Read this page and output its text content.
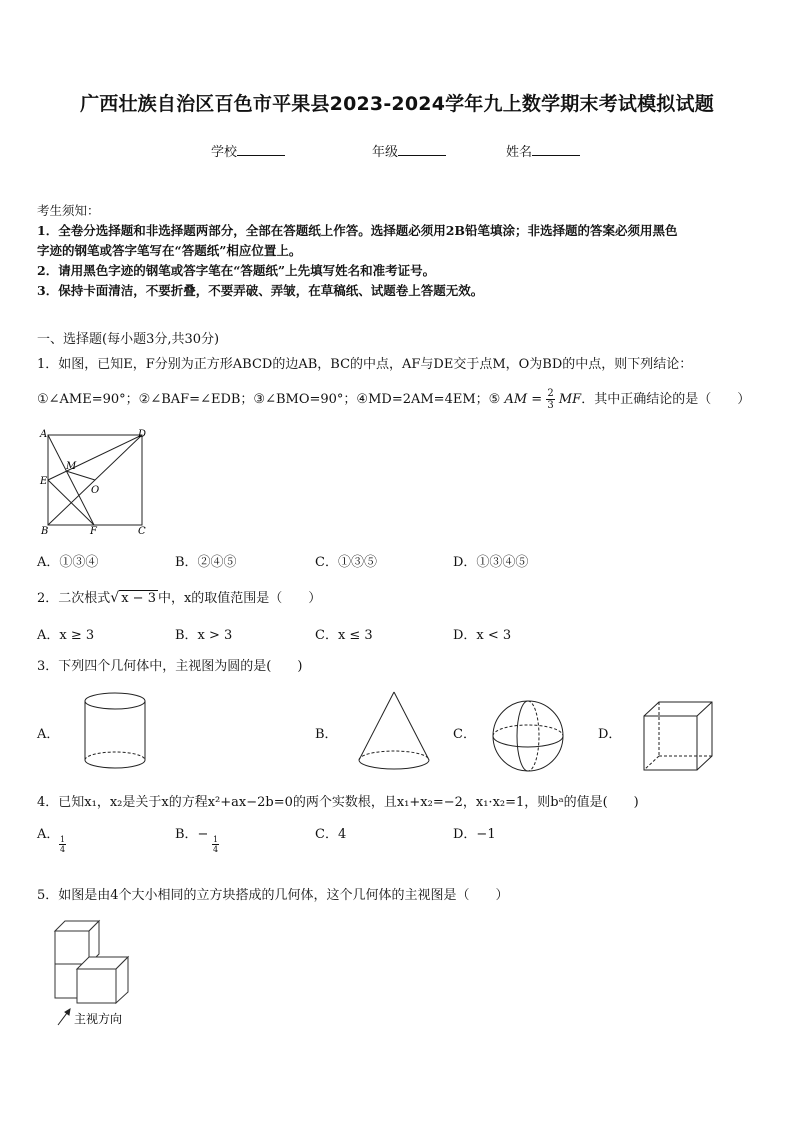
广西壮族自治区百色市平果县2023-2024学年九上数学期末考试模拟试题
学校	年级	姓名
考生须知：
1．全卷分选择题和非选择题两部分，全部在答题纸上作答。选择题必须用2B铅笔填涂；非选择题的答案必须用黑色
字迹的钢笔或答字笔写在“答题纸”相应位置上。
2．请用黑色字迹的钢笔或答字笔在“答题纸”上先填写姓名和准考证号。
3．保持卡面清洁，不要折叠，不要弄破、弄皱，在草稿纸、试题卷上答题无效。
一、选择题(每小题3分,共30分)
1．如图，已知E，F分别为正方形ABCD的边AB，BC的中点，AF与DE交于点M，O为BD的中点，则下列结论：
①∠AME=90°；②∠BAF=∠EDB；③∠BMO=90°；④MD=2AM=4EM；⑤ AM = $\frac{2}{3}$ MF．其中正确结论的是（　　）
A	D
E
M
O
B	F	C
A．①③④	B．②④⑤	C．①③⑤	D．①③④⑤
2．二次根式√ x − 3 中，x的取值范围是（　　）
A．x ≥ 3	B．x > 3	C．x ≤ 3	D．x < 3
3．下列四个几何体中，主视图为圆的是(　　)
A．	B．	C．	D．
4．已知x₁，x₂是关于x的方程x²+ax−2b=0的两个实数根，且x₁+x₂=−2，x₁·x₂=1，则bᵃ的值是(　　)
A．
$\frac{1}{4}$
B．−
$\frac{1}{4}$
C．4	D．−1
5．如图是由4个大小相同的立方块搭成的几何体，这个几何体的主视图是（　　）
主视方向
